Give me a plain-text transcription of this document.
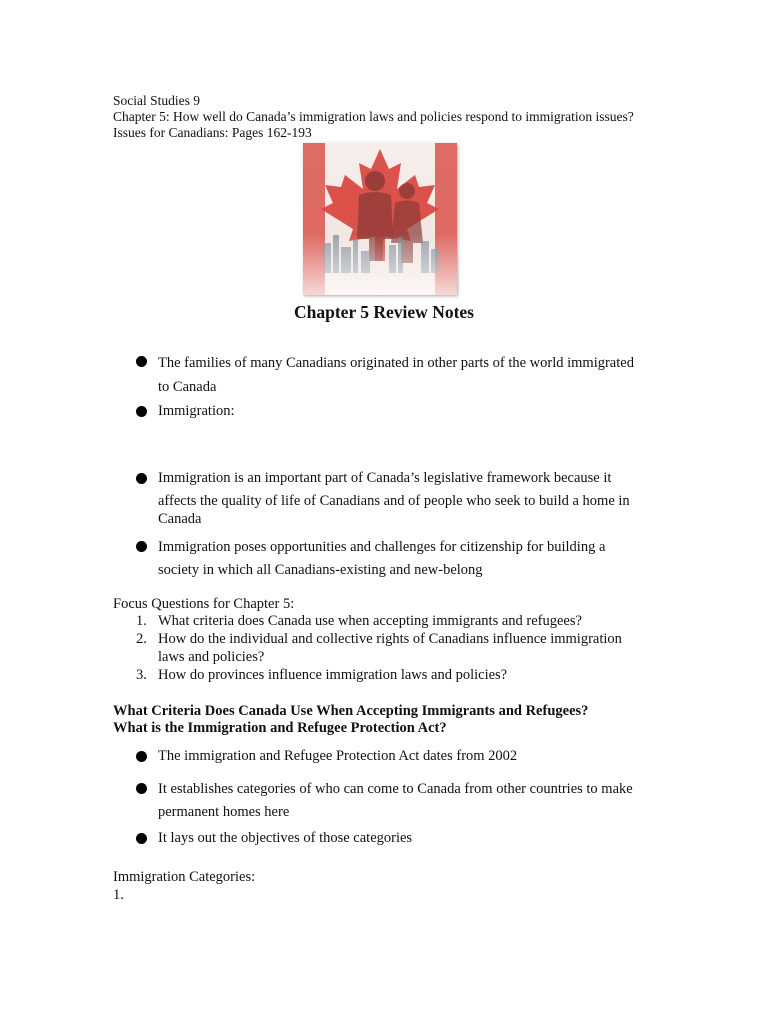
Social Studies 9
Chapter 5: How well do Canada’s immigration laws and policies respond to immigration issues?
Issues for Canadians: Pages 162-193
Chapter 5 Review Notes
The families of many Canadians originated in other parts of the world immigrated
to Canada
Immigration:
Immigration is an important part of Canada’s legislative framework because it
affects the quality of life of Canadians and of people who seek to build a home in
Canada
Immigration poses opportunities and challenges for citizenship for building a
society in which all Canadians-existing and new-belong
Focus Questions for Chapter 5:
1. What criteria does Canada use when accepting immigrants and refugees?
2. How do the individual and collective rights of Canadians influence immigration
laws and policies?
3. How do provinces influence immigration laws and policies?
What Criteria Does Canada Use When Accepting Immigrants and Refugees?
What is the Immigration and Refugee Protection Act?
The immigration and Refugee Protection Act dates from 2002
It establishes categories of who can come to Canada from other countries to make
permanent homes here
It lays out the objectives of those categories
Immigration Categories:
1.
